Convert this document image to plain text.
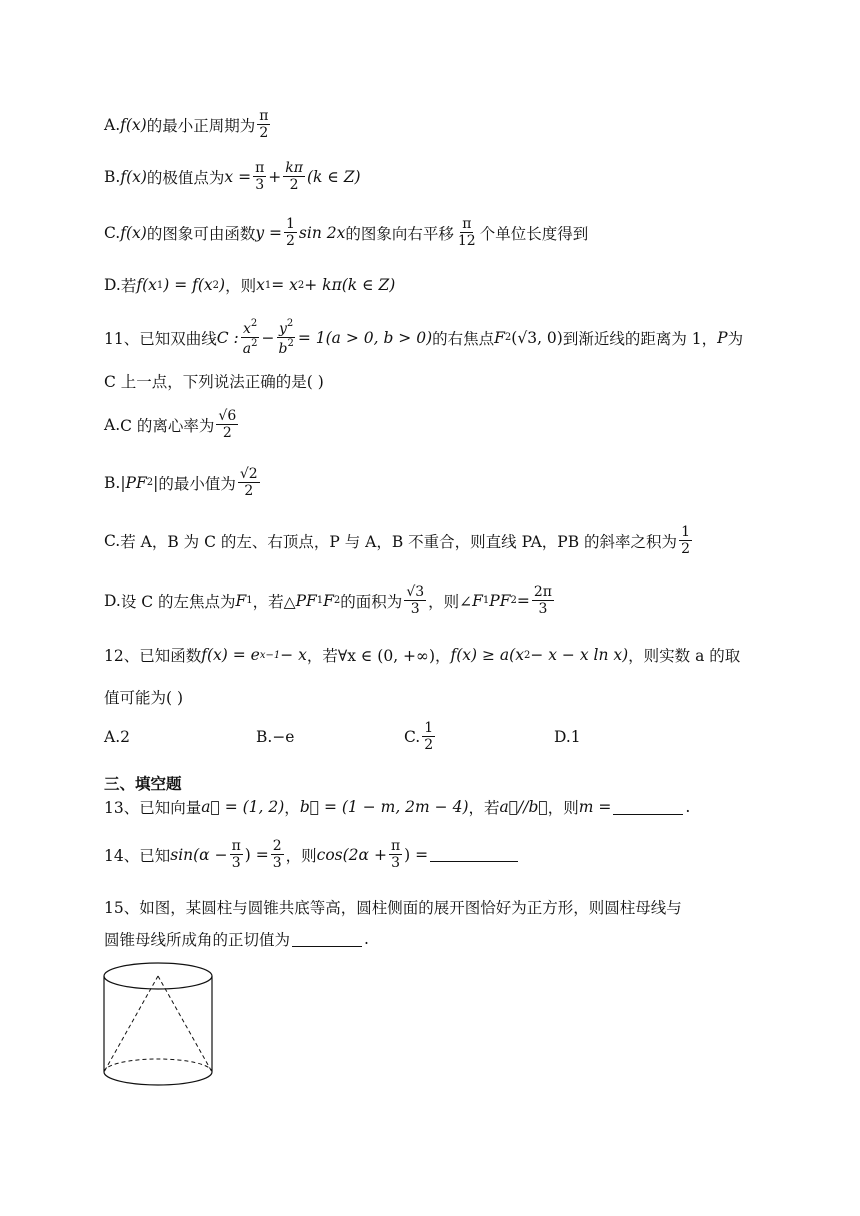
A. f(x) 的最小正周期为 $\frac{\pi}{2}$
B. f(x) 的极值点为 $x = \frac{\pi}{3} + \frac{k\pi}{2} (k$ ∈ Z)
C. f(x) 的图象可由函数 $y = \frac{1}{2}$ sin 2x 的图象向右平移 $\frac{\pi}{12}$ 个单位长度得到
D. 若 f(x 1 ) = f(x 2 ) ，则 x 1 = x 2 + kπ(k ∈ Z)
11、已知双曲线 C : $\frac{x^2}{a^2} - \frac{y^2}{b^2} = 1(a > 0$, b > 0) 的右焦点 F 2 (√3, 0) 到渐近线的距离为 1， P 为
C 上一点，下列说法正确的是( )
A. C 的离心率为 $\frac{√6}{2}$
B. |PF 2 | 的最小值为 $\frac{√2}{2}$
C. 若 A，B 为 C 的左、右顶点，P 与 A，B 不重合，则直线 PA，PB 的斜率之积为 $\frac{1}{2}$
D. 设 C 的左焦点为 F 1 ，若△ PF 1 F 2 的面积为 $\frac{√3}{3}$ ，则∠ F 1 PF $2 = \frac{2\pi}{3}$
12、已知函数 f(x) = e x−1 − x ，若∀x ∈ (0, +∞)， f(x) ≥ a(x 2 − x − x ln x) ，则实数 a 的取
值可能为( )
A.2	B.−e	C. $\frac{1}{2}$	D.1
三、填空题
13、已知向量 a⃗ = (1, 2) ， b⃗ = (1 − m, 2m − 4) ，若 a⃗//b⃗ ，则 m =	.
14、已知 $\sin(\alpha - \frac{\pi}{3}$ ) = $\frac{2}{3}$ ，则 $\cos(2\alpha + \frac{\pi}{3}$ ) =
15、如图，某圆柱与圆锥共底等高，圆柱侧面的展开图恰好为正方形，则圆柱母线与
圆锥母线所成角的正切值为	.
